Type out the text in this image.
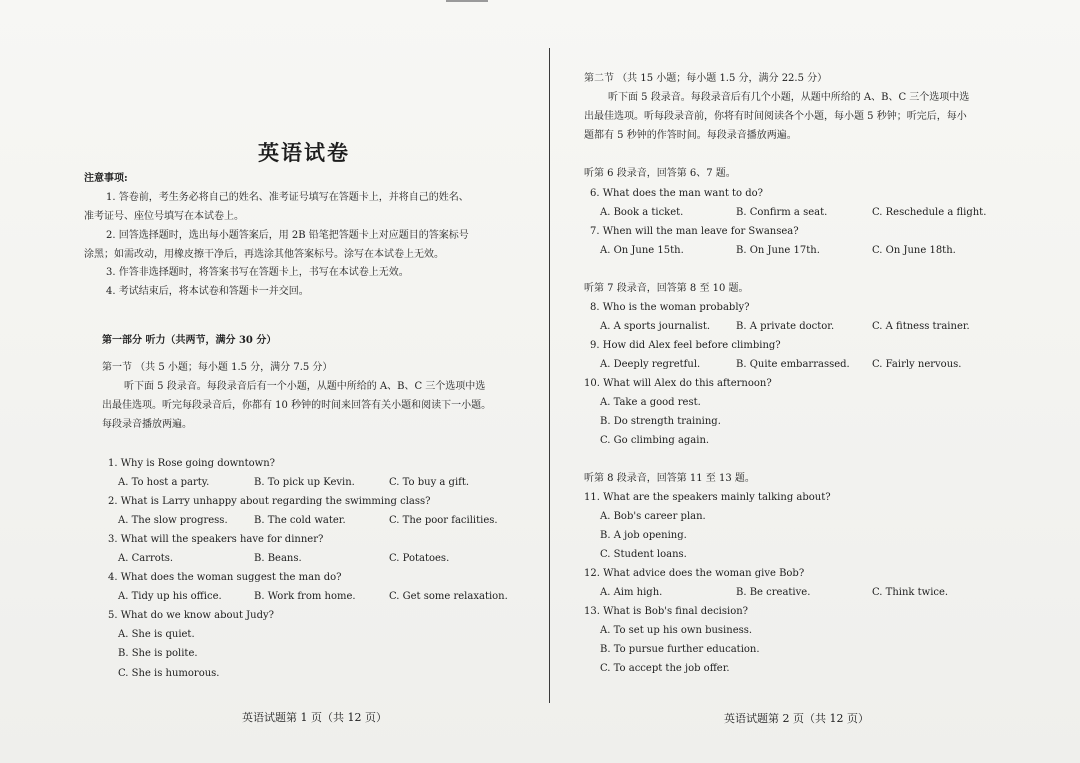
英语试卷
注意事项:
1. 答卷前，考生务必将自己的姓名、准考证号填写在答题卡上，并将自己的姓名、
准考证号、座位号填写在本试卷上。
2. 回答选择题时，选出每小题答案后，用 2B 铅笔把答题卡上对应题目的答案标号
涂黑；如需改动，用橡皮擦干净后，再选涂其他答案标号。涂写在本试卷上无效。
3. 作答非选择题时，将答案书写在答题卡上，书写在本试卷上无效。
4. 考试结束后，将本试卷和答题卡一并交回。
第一部分 听力（共两节，满分 30 分）
第一节 （共 5 小题；每小题 1.5 分，满分 7.5 分）
听下面 5 段录音。每段录音后有一个小题，从题中所给的 A、B、C 三个选项中选
出最佳选项。听完每段录音后，你都有 10 秒钟的时间来回答有关小题和阅读下一小题。
每段录音播放两遍。
1. Why is Rose going downtown?
A. To host a party.	B. To pick up Kevin.	C. To buy a gift.
2. What is Larry unhappy about regarding the swimming class?
A. The slow progress.	B. The cold water.	C. The poor facilities.
3. What will the speakers have for dinner?
A. Carrots.	B. Beans.	C. Potatoes.
4. What does the woman suggest the man do?
A. Tidy up his office.	B. Work from home.	C. Get some relaxation.
5. What do we know about Judy?
A. She is quiet.
B. She is polite.
C. She is humorous.
英语试题第 1 页（共 12 页）
第二节 （共 15 小题；每小题 1.5 分，满分 22.5 分）
听下面 5 段录音。每段录音后有几个小题，从题中所给的 A、B、C 三个选项中选
出最佳选项。听每段录音前，你将有时间阅读各个小题，每小题 5 秒钟；听完后，每小
题都有 5 秒钟的作答时间。每段录音播放两遍。
听第 6 段录音，回答第 6、7 题。
6. What does the man want to do?
A. Book a ticket.	B. Confirm a seat.	C. Reschedule a flight.
7. When will the man leave for Swansea?
A. On June 15th.	B. On June 17th.	C. On June 18th.
听第 7 段录音，回答第 8 至 10 题。
8. Who is the woman probably?
A. A sports journalist.	B. A private doctor.	C. A fitness trainer.
9. How did Alex feel before climbing?
A. Deeply regretful.	B. Quite embarrassed. C. Fairly nervous.
10. What will Alex do this afternoon?
A. Take a good rest.
B. Do strength training.
C. Go climbing again.
听第 8 段录音，回答第 11 至 13 题。
11. What are the speakers mainly talking about?
A. Bob's career plan.
B. A job opening.
C. Student loans.
12. What advice does the woman give Bob?
A. Aim high.	B. Be creative.	C. Think twice.
13. What is Bob's final decision?
A. To set up his own business.
B. To pursue further education.
C. To accept the job offer.
英语试题第 2 页（共 12 页）
